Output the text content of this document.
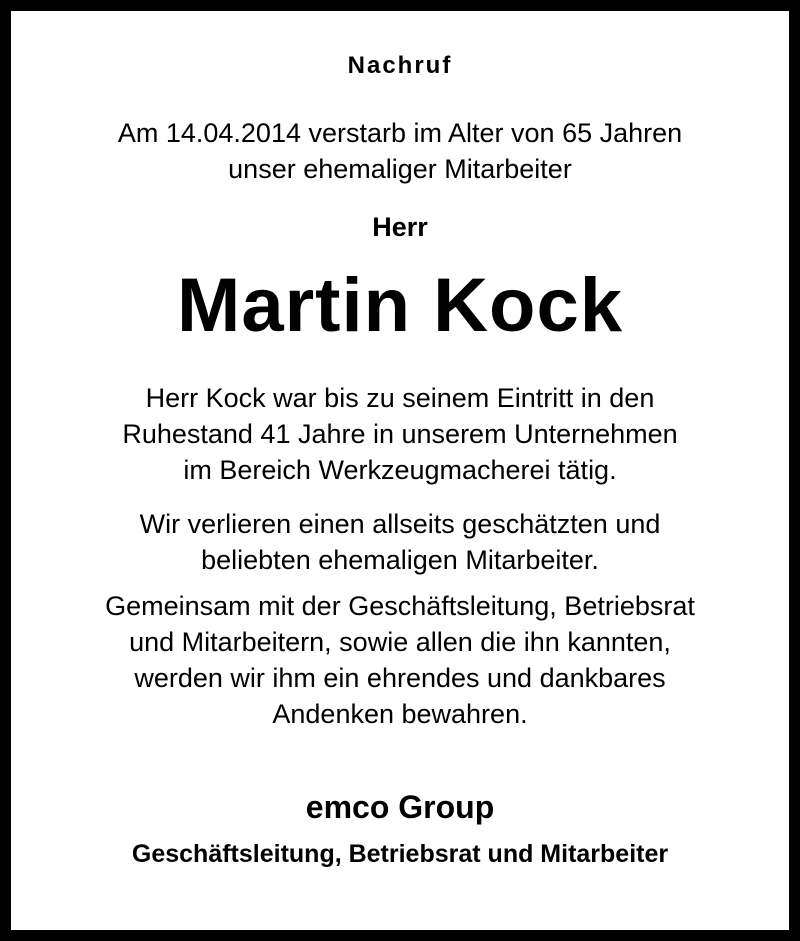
Nachruf
Am 14.04.2014 verstarb im Alter von 65 Jahren
unser ehemaliger Mitarbeiter
Herr
Martin Kock
Herr Kock war bis zu seinem Eintritt in den
Ruhestand 41 Jahre in unserem Unternehmen
im Bereich Werkzeugmacherei tätig.
Wir verlieren einen allseits geschätzten und
beliebten ehemaligen Mitarbeiter.
Gemeinsam mit der Geschäftsleitung, Betriebsrat
und Mitarbeitern, sowie allen die ihn kannten,
werden wir ihm ein ehrendes und dankbares
Andenken bewahren.
emco Group
Geschäftsleitung, Betriebsrat und Mitarbeiter
